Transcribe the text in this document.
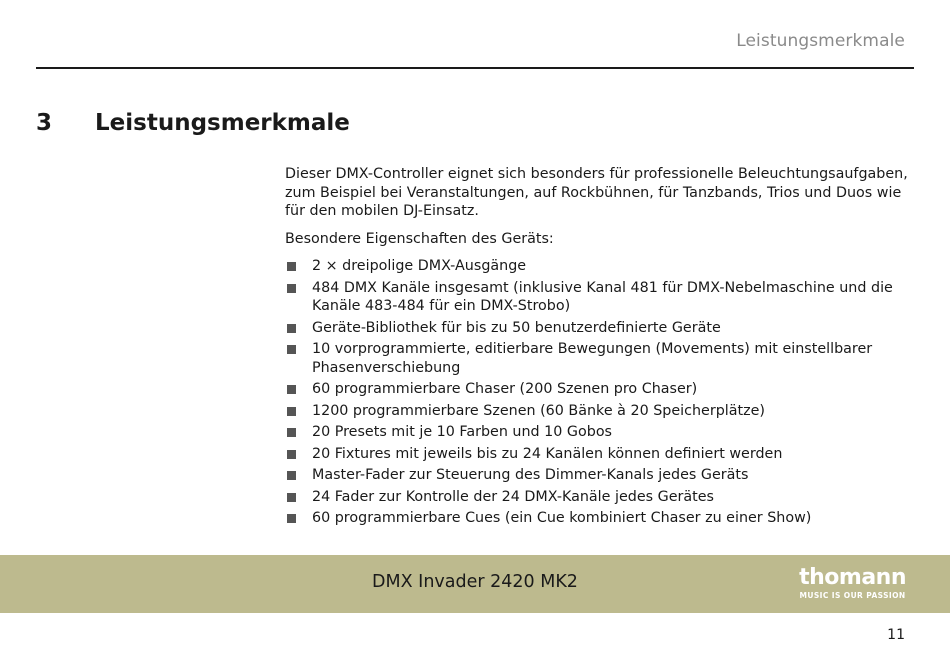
Leistungsmerkmale
3 Leistungsmerkmale

Dieser DMX-Controller eignet sich besonders für professionelle Beleuchtungsaufgaben, zum Beispiel bei Veranstaltungen, auf Rockbühnen, für Tanzbands, Trios und Duos wie für den mobilen DJ-Einsatz.

Besondere Eigenschaften des Geräts:

2 × dreipolige DMX-Ausgänge
484 DMX Kanäle insgesamt (inklusive Kanal 481 für DMX-Nebelmaschine und die Kanäle 483-484 für ein DMX-Strobo)
Geräte-Bibliothek für bis zu 50 benutzerdefinierte Geräte
10 vorprogrammierte, editierbare Bewegungen (Movements) mit einstellbarer Phasenverschiebung
60 programmierbare Chaser (200 Szenen pro Chaser)
1200 programmierbare Szenen (60 Bänke à 20 Speicherplätze)
20 Presets mit je 10 Farben und 10 Gobos
20 Fixtures mit jeweils bis zu 24 Kanälen können definiert werden
Master-Fader zur Steuerung des Dimmer-Kanals jedes Geräts
24 Fader zur Kontrolle der 24 DMX-Kanäle jedes Gerätes
60 programmierbare Cues (ein Cue kombiniert Chaser zu einer Show)
DMX Invader 2420 MK2	thomann
MUSIC IS OUR PASSION
11
